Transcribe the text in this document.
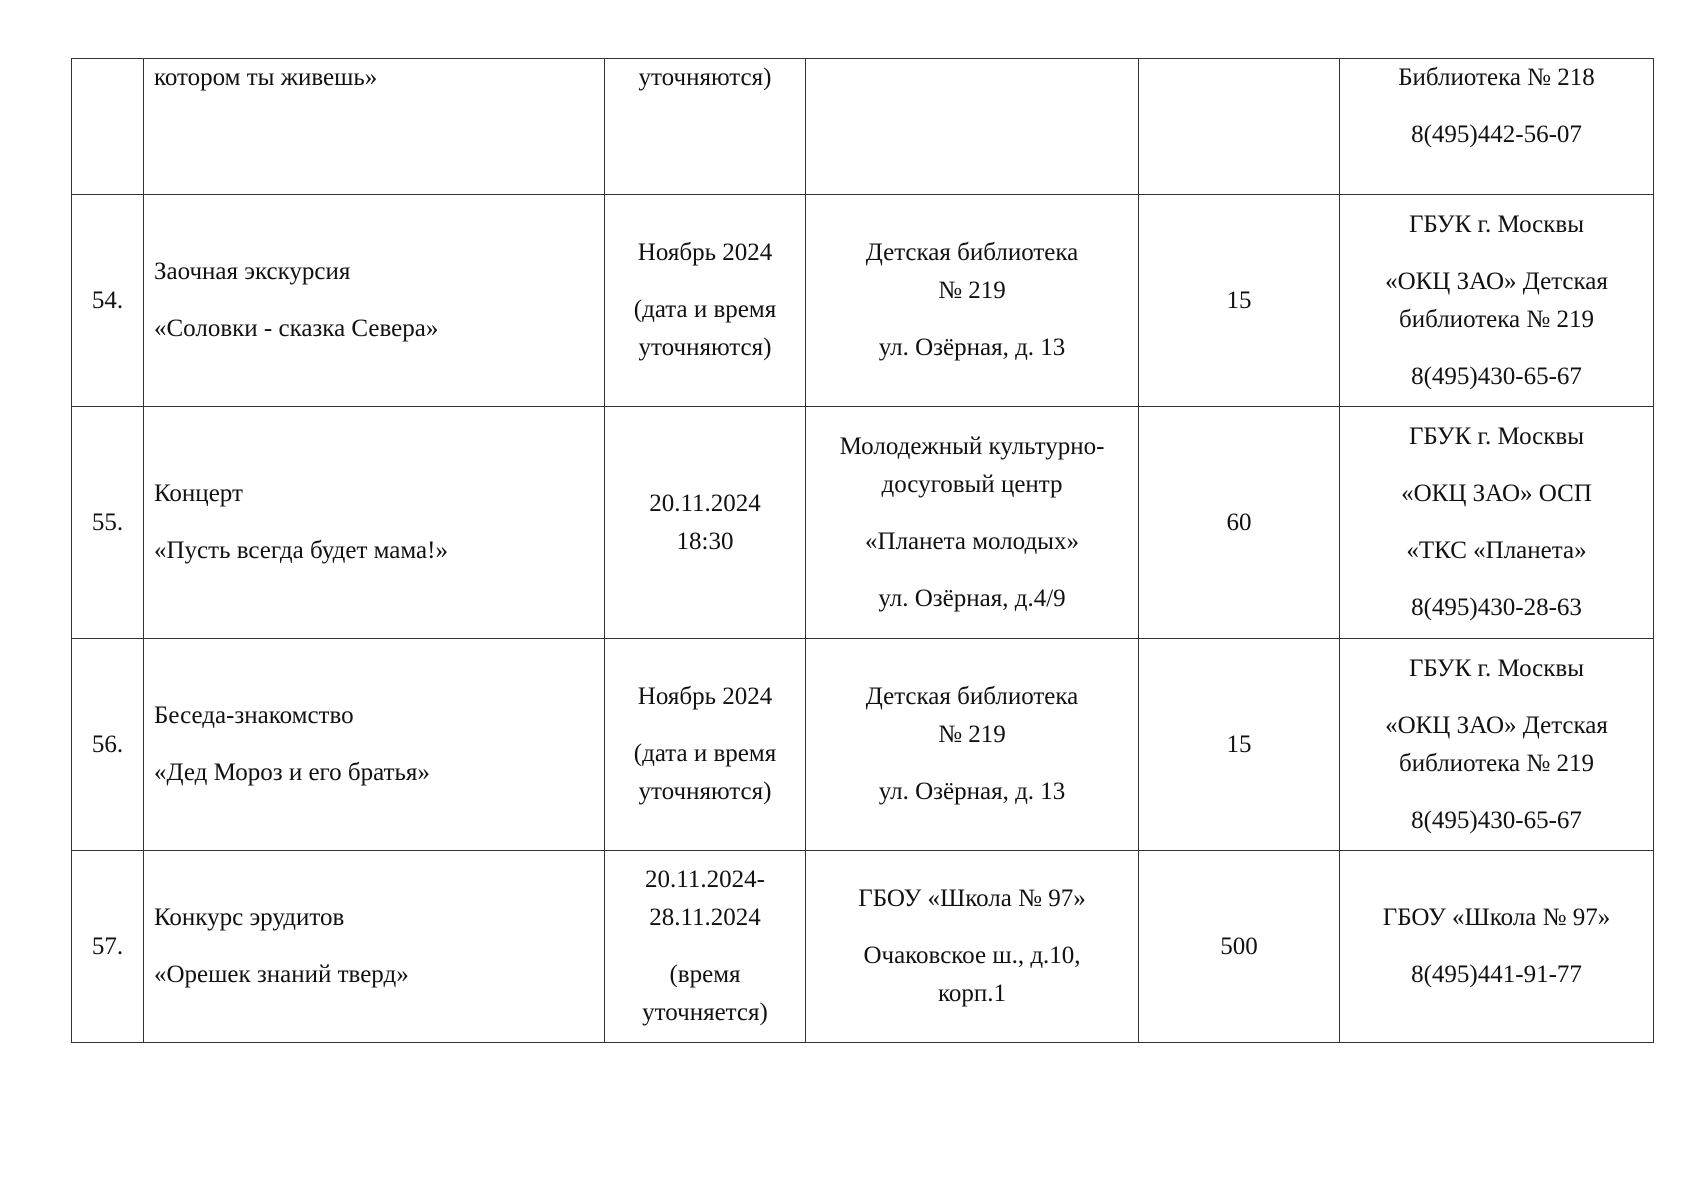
	котором ты живешь»	уточняются)			Библиотека № 218
8(495)442-56-07

54.	Заочная экскурсия
«Соловки - сказка Севера»	Ноябрь 2024
(дата и время
уточняются)	Детская библиотека
№ 219
ул. Озёрная, д. 13	15	ГБУК г. Москвы
«ОКЦ ЗАО» Детская
библиотека № 219
8(495)430-65-67

55.	Концерт
«Пусть всегда будет мама!»	20.11.2024
18:30	Молодежный культурно-
досуговый центр
«Планета молодых»
ул. Озёрная, д.4/9	60	ГБУК г. Москвы
«ОКЦ ЗАО» ОСП
«ТКС «Планета»
8(495)430-28-63

56.	Беседа-знакомство
«Дед Мороз и его братья»	Ноябрь 2024
(дата и время
уточняются)	Детская библиотека
№ 219
ул. Озёрная, д. 13	15	ГБУК г. Москвы
«ОКЦ ЗАО» Детская
библиотека № 219
8(495)430-65-67

57.	Конкурс эрудитов
«Орешек знаний тверд»	20.11.2024-
28.11.2024
(время
уточняется)	ГБОУ «Школа № 97»
Очаковское ш., д.10,
корп.1	500	ГБОУ «Школа № 97»
8(495)441-91-77
